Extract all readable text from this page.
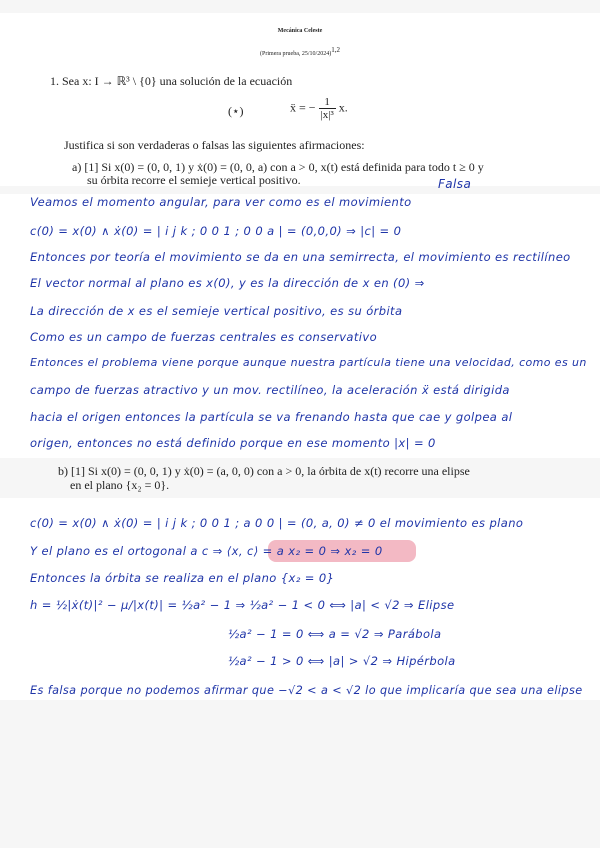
Mecánica Celeste
(Primera prueba, 25/10/2024)$^{1,2}$
1. Sea x: I → ℝ³ \ {0} una solución de la ecuación
(⋆)	ẍ = − $\frac{1}{\text{|x|³}} x$.
Justifica si son verdaderas o falsas las siguientes afirmaciones:
a) [1] Si x(0) = (0, 0, 1) y ẋ(0) = (0, 0, a) con a > 0, x(t) está definida para todo t ≥ 0 y
su órbita recorre el semieje vertical positivo.	Falsa
Veamos el momento angular, para ver como es el movimiento
c(0) = x(0) ∧ ẋ(0) = | i j k ; 0 0 1 ; 0 0 a | = (0,0,0) ⇒ |c| = 0
Entonces por teoría el movimiento se da en una semirrecta, el movimiento es rectilíneo
El vector normal al plano es x(0), y es la dirección de x en (0) ⇒
La dirección de x es el semieje vertical positivo, es su órbita
Como es un campo de fuerzas centrales es conservativo
Entonces el problema viene porque aunque nuestra partícula tiene una velocidad, como es un
campo de fuerzas atractivo y un mov. rectilíneo, la aceleración ẍ está dirigida
hacia el origen entonces la partícula se va frenando hasta que cae y golpea al
origen, entonces no está definido porque en ese momento |x| = 0
b) [1] Si x(0) = (0, 0, 1) y ẋ(0) = (a, 0, 0) con a > 0, la órbita de x(t) recorre una elipse
en el plano {x₂ = 0}.
c(0) = x(0) ∧ ẋ(0) = | i j k ; 0 0 1 ; a 0 0 | = (0, a, 0) ≠ 0 el movimiento es plano
Y el plano es el ortogonal a c ⇒ ⟨x, c⟩ = a x₂ = 0 ⇒ x₂ = 0
Entonces la órbita se realiza en el plano {x₂ = 0}
h = ½|ẋ(t)|² − μ/|x(t)| = ½a² − 1 ⇒ ½a² − 1 < 0 ⟺ |a| < √2 ⇒ Elipse
½a² − 1 = 0 ⟺ a = √2 ⇒ Parábola
½a² − 1 > 0 ⟺ |a| > √2 ⇒ Hipérbola
Es falsa porque no podemos afirmar que −√2 < a < √2 lo que implicaría que sea una elipse
